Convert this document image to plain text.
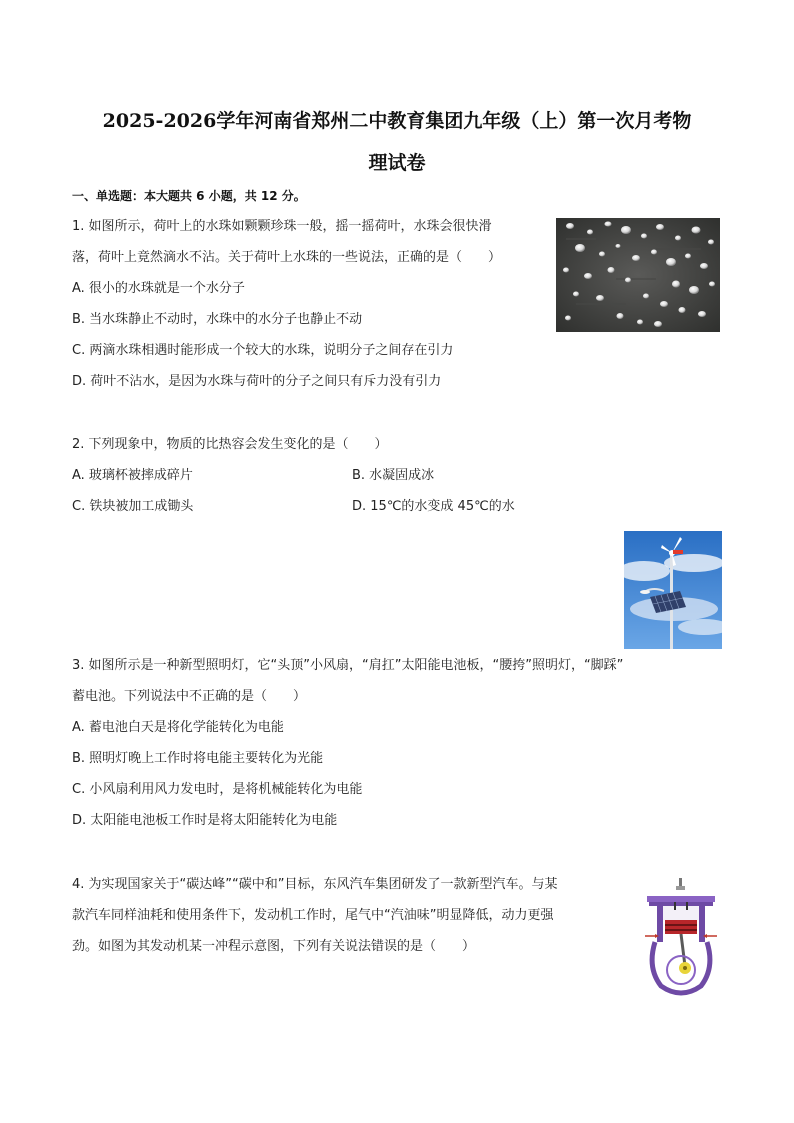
2025-2026学年河南省郑州二中教育集团九年级（上）第一次月考物
理试卷
一、单选题：本大题共 6 小题，共 12 分。
1. 如图所示，荷叶上的水珠如颗颗珍珠一般，摇一摇荷叶，水珠会很快滑
落，荷叶上竟然滴水不沾。关于荷叶上水珠的一些说法，正确的是（　　）
A. 很小的水珠就是一个水分子
B. 当水珠静止不动时，水珠中的水分子也静止不动
C. 两滴水珠相遇时能形成一个较大的水珠，说明分子之间存在引力
D. 荷叶不沾水，是因为水珠与荷叶的分子之间只有斥力没有引力
2. 下列现象中，物质的比热容会发生变化的是（　　）
A. 玻璃杯被摔成碎片	B. 水凝固成冰
C. 铁块被加工成锄头	D. 15℃的水变成 45℃的水
3. 如图所示是一种新型照明灯，它“头顶”小风扇，“肩扛”太阳能电池板，“腰挎”照明灯，“脚踩”
蓄电池。下列说法中不正确的是（　　）
A. 蓄电池白天是将化学能转化为电能
B. 照明灯晚上工作时将电能主要转化为光能
C. 小风扇利用风力发电时，是将机械能转化为电能
D. 太阳能电池板工作时是将太阳能转化为电能
4. 为实现国家关于“碳达峰”“碳中和”目标，东风汽车集团研发了一款新型汽车。与某
款汽车同样油耗和使用条件下，发动机工作时，尾气中“汽油味”明显降低，动力更强
劲。如图为其发动机某一冲程示意图，下列有关说法错误的是（　　）
